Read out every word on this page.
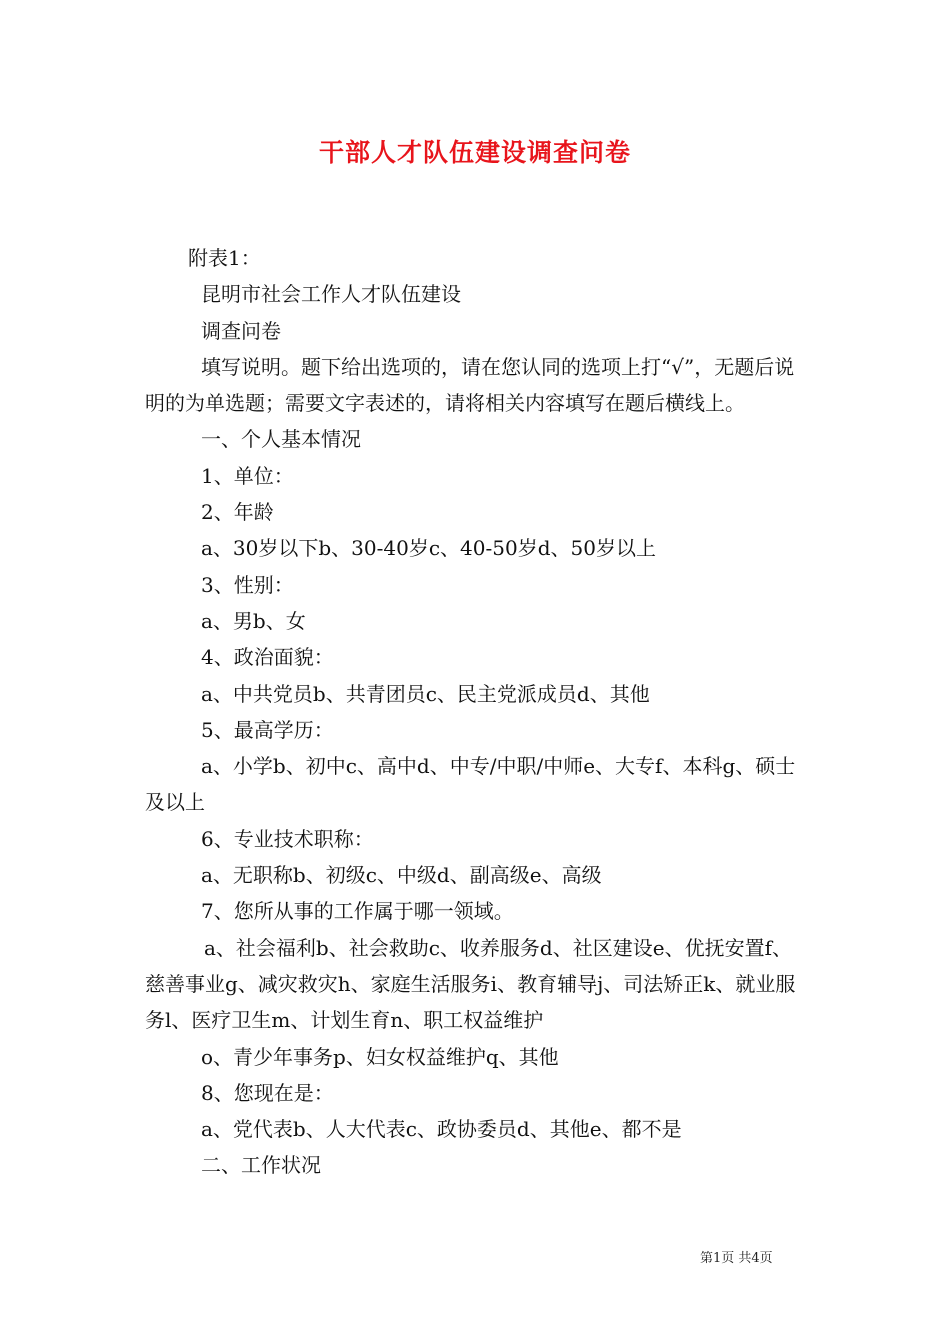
干部人才队伍建设调查问卷

附表1：

昆明市社会工作人才队伍建设

调查问卷

填写说明。题下给出选项的，请在您认同的选项上打“√”，无题后说明的为单选题；需要文字表述的，请将相关内容填写在题后横线上。

一、个人基本情况

1、单位：

2、年龄

a、30岁以下b、30-40岁c、40-50岁d、50岁以上

3、性别：

a、男b、女

4、政治面貌：

a、中共党员b、共青团员c、民主党派成员d、其他

5、最高学历：

a、小学b、初中c、高中d、中专/中职/中师e、大专f、本科g、硕士及以上

6、专业技术职称：

a、无职称b、初级c、中级d、副高级e、高级

7、您所从事的工作属于哪一领域。

a、社会福利b、社会救助c、收养服务d、社区建设e、优抚安置f、慈善事业g、减灾救灾h、家庭生活服务i、教育辅导j、司法矫正k、就业服务l、医疗卫生m、计划生育n、职工权益维护

o、青少年事务p、妇女权益维护q、其他

8、您现在是：

a、党代表b、人大代表c、政协委员d、其他e、都不是

二、工作状况

第1页 共4页
